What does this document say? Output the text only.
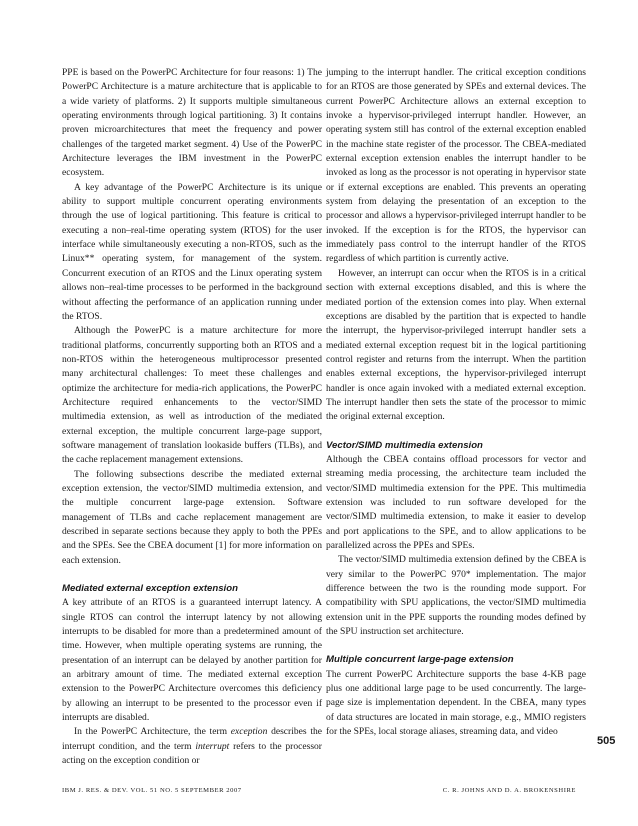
PPE is based on the PowerPC Architecture for four reasons: 1) The PowerPC Architecture is a mature architecture that is applicable to a wide variety of platforms. 2) It supports multiple simultaneous operating environments through logical partitioning. 3) It contains proven microarchitectures that meet the frequency and power challenges of the targeted market segment. 4) Use of the PowerPC Architecture leverages the IBM investment in the PowerPC ecosystem.

A key advantage of the PowerPC Architecture is its unique ability to support multiple concurrent operating environments through the use of logical partitioning. This feature is critical to executing a non–real-time operating system (RTOS) for the user interface while simultaneously executing a non-RTOS, such as the Linux** operating system, for management of the system. Concurrent execution of an RTOS and the Linux operating system allows non–real-time processes to be performed in the background without affecting the performance of an application running under the RTOS.

Although the PowerPC is a mature architecture for more traditional platforms, concurrently supporting both an RTOS and a non-RTOS within the heterogeneous multiprocessor presented many architectural challenges: To meet these challenges and optimize the architecture for media-rich applications, the PowerPC Architecture required enhancements to the vector/SIMD multimedia extension, as well as introduction of the mediated external exception, the multiple concurrent large-page support, software management of translation lookaside buffers (TLBs), and the cache replacement management extensions.

The following subsections describe the mediated external exception extension, the vector/SIMD multimedia extension, and the multiple concurrent large-page extension. Software management of TLBs and cache replacement management are described in separate sections because they apply to both the PPEs and the SPEs. See the CBEA document [1] for more information on each extension.

Mediated external exception extension

A key attribute of an RTOS is a guaranteed interrupt latency. A single RTOS can control the interrupt latency by not allowing interrupts to be disabled for more than a predetermined amount of time. However, when multiple operating systems are running, the presentation of an interrupt can be delayed by another partition for an arbitrary amount of time. The mediated external exception extension to the PowerPC Architecture overcomes this deficiency by allowing an interrupt to be presented to the processor even if interrupts are disabled.

In the PowerPC Architecture, the term exception describes the interrupt condition, and the term interrupt refers to the processor acting on the exception condition or

jumping to the interrupt handler. The critical exception conditions for an RTOS are those generated by SPEs and external devices. The current PowerPC Architecture allows an external exception to invoke a hypervisor-privileged interrupt handler. However, an operating system still has control of the external exception enabled in the machine state register of the processor. The CBEA-mediated external exception extension enables the interrupt handler to be invoked as long as the processor is not operating in hypervisor state or if external exceptions are enabled. This prevents an operating system from delaying the presentation of an exception to the processor and allows a hypervisor-privileged interrupt handler to be invoked. If the exception is for the RTOS, the hypervisor can immediately pass control to the interrupt handler of the RTOS regardless of which partition is currently active.

However, an interrupt can occur when the RTOS is in a critical section with external exceptions disabled, and this is where the mediated portion of the extension comes into play. When external exceptions are disabled by the partition that is expected to handle the interrupt, the hypervisor-privileged interrupt handler sets a mediated external exception request bit in the logical partitioning control register and returns from the interrupt. When the partition enables external exceptions, the hypervisor-privileged interrupt handler is once again invoked with a mediated external exception. The interrupt handler then sets the state of the processor to mimic the original external exception.

Vector/SIMD multimedia extension

Although the CBEA contains offload processors for vector and streaming media processing, the architecture team included the vector/SIMD multimedia extension for the PPE. This multimedia extension was included to run software developed for the vector/SIMD multimedia extension, to make it easier to develop and port applications to the SPE, and to allow applications to be parallelized across the PPEs and SPEs.

The vector/SIMD multimedia extension defined by the CBEA is very similar to the PowerPC 970* implementation. The major difference between the two is the rounding mode support. For compatibility with SPU applications, the vector/SIMD multimedia extension unit in the PPE supports the rounding modes defined by the SPU instruction set architecture.

Multiple concurrent large-page extension

The current PowerPC Architecture supports the base 4-KB page plus one additional large page to be used concurrently. The large-page size is implementation dependent. In the CBEA, many types of data structures are located in main storage, e.g., MMIO registers for the SPEs, local storage aliases, streaming data, and video

505
IBM J. RES. & DEV. VOL. 51 NO. 5 SEPTEMBER 2007	C. R. JOHNS AND D. A. BROKENSHIRE
